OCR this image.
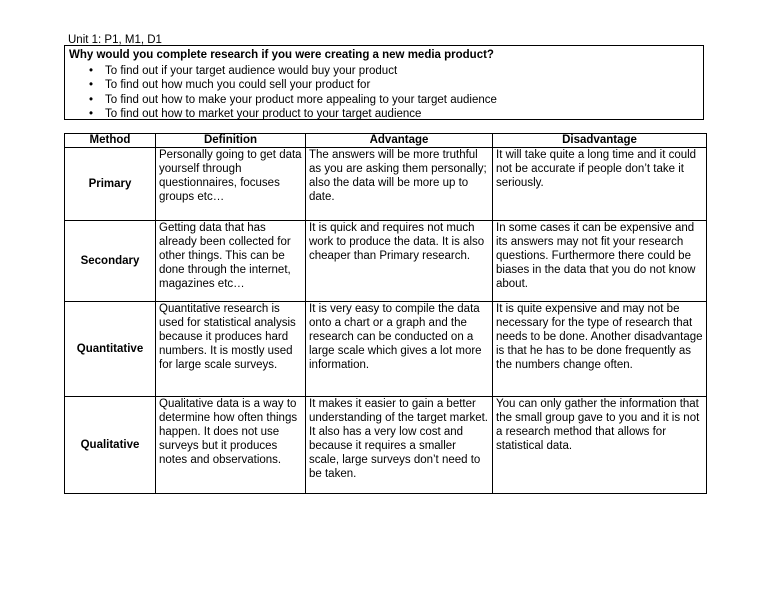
Unit 1: P1, M1, D1
Why would you complete research if you were creating a new media product?
• To find out if your target audience would buy your product
• To find out how much you could sell your product for
• To find out how to make your product more appealing to your target audience
• To find out how to market your product to your target audience
Method	Definition	Advantage	Disadvantage
Primary	Personally going to get data yourself through questionnaires, focuses groups etc…	The answers will be more truthful as you are asking them personally; also the data will be more up to date.	It will take quite a long time and it could not be accurate if people don’t take it seriously.
Secondary	Getting data that has already been collected for other things. This can be done through the internet, magazines etc…	It is quick and requires not much work to produce the data. It is also cheaper than Primary research.	In some cases it can be expensive and its answers may not fit your research questions. Furthermore there could be biases in the data that you do not know about.
Quantitative	Quantitative research is used for statistical analysis because it produces hard numbers. It is mostly used for large scale surveys.	It is very easy to compile the data onto a chart or a graph and the research can be conducted on a large scale which gives a lot more information.	It is quite expensive and may not be necessary for the type of research that needs to be done. Another disadvantage is that he has to be done frequently as the numbers change often.
Qualitative	Qualitative data is a way to determine how often things happen. It does not use surveys but it produces notes and observations.	It makes it easier to gain a better understanding of the target market. It also has a very low cost and because it requires a smaller scale, large surveys don’t need to be taken.	You can only gather the information that the small group gave to you and it is not a research method that allows for statistical data.
